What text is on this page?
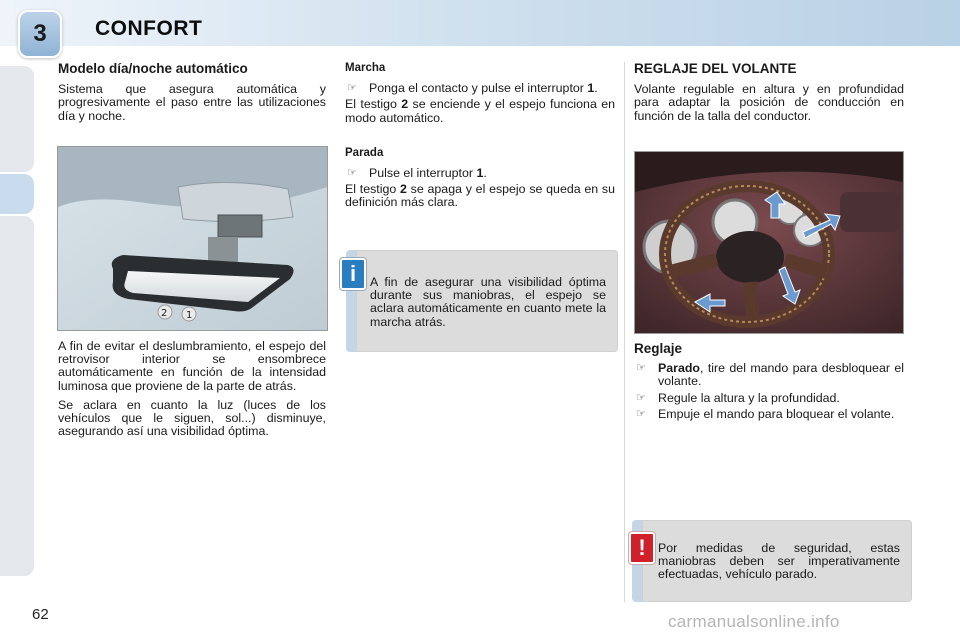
3	CONFORT
Modelo día/noche automático

Sistema que asegura automática y progresivamente el paso entre las utilizaciones día y noche.

2 1

A fin de evitar el deslumbramiento, el espejo del retrovisor interior se ensombrece automáticamente en función de la intensidad luminosa que proviene de la parte de atrás.

Se aclara en cuanto la luz (luces de los vehículos que le siguen, sol...) disminuye, asegurando así una visibilidad óptima.

Marcha
☞ Ponga el contacto y pulse el interruptor 1.

El testigo 2 se enciende y el espejo funciona en modo automático.

Parada
☞ Pulse el interruptor 1.

El testigo 2 se apaga y el espejo se queda en su definición más clara.

A fin de asegurar una visibilidad óptima durante sus maniobras, el espejo se aclara automáticamente en cuanto mete la marcha atrás.
i
REGLAJE DEL VOLANTE

Volante regulable en altura y en profundidad para adaptar la posición de conducción en función de la talla del conductor.

Reglaje
☞ Parado, tire del mando para desbloquear el volante.
☞ Regule la altura y la profundidad.
☞ Empuje el mando para bloquear el volante.
Por medidas de seguridad, estas maniobras deben ser imperativamente efectuadas, vehículo parado.
!
62	carmanualsonline.info
